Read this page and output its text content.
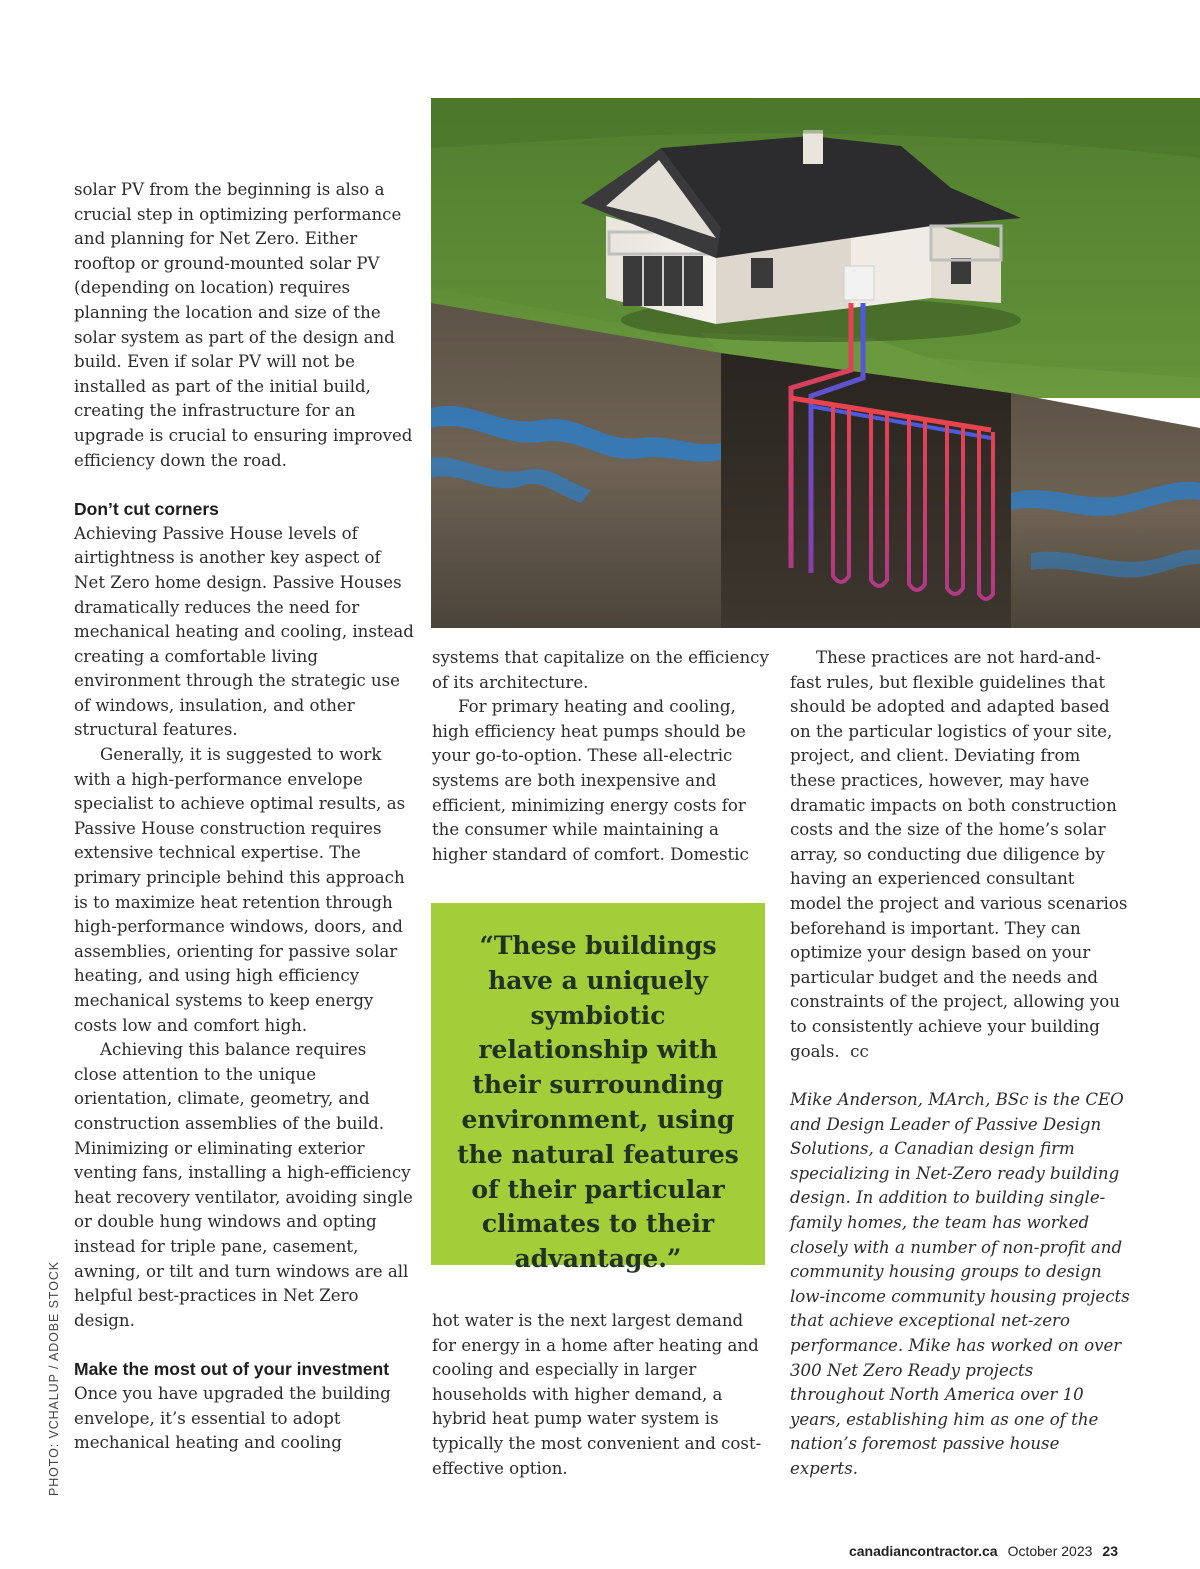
solar PV from the beginning is also a crucial step in optimizing performance and planning for Net Zero. Either rooftop or ground-mounted solar PV (depending on location) requires planning the location and size of the solar system as part of the design and build. Even if solar PV will not be installed as part of the initial build, creating the infrastructure for an upgrade is crucial to ensuring improved efficiency down the road.

Don’t cut corners

Achieving Passive House levels of airtightness is another key aspect of Net Zero home design. Passive Houses dramatically reduces the need for mechanical heating and cooling, instead creating a comfortable living environment through the strategic use of windows, insulation, and other structural features.

Generally, it is suggested to work with a high-performance envelope specialist to achieve optimal results, as Passive House construction requires extensive technical expertise. The primary principle behind this approach is to maximize heat retention through high-performance windows, doors, and assemblies, orienting for passive solar heating, and using high efficiency mechanical systems to keep energy costs low and comfort high.

Achieving this balance requires close attention to the unique orientation, climate, geometry, and construction assemblies of the build. Minimizing or eliminating exterior venting fans, installing a high-efficiency heat recovery ventilator, avoiding single or double hung windows and opting instead for triple pane, casement, awning, or tilt and turn windows are all helpful best-practices in Net Zero design.

Make the most out of your investment

Once you have upgraded the building envelope, it’s essential to adopt mechanical heating and cooling

systems that capitalize on the efficiency of its architecture.

For primary heating and cooling, high efficiency heat pumps should be your go-to-option. These all-electric systems are both inexpensive and efficient, minimizing energy costs for the consumer while maintaining a higher standard of comfort. Domestic

“These buildings have a uniquely symbiotic relationship with their surrounding environment, using the natural features of their particular climates to their advantage.”

hot water is the next largest demand for energy in a home after heating and cooling and especially in larger households with higher demand, a hybrid heat pump water system is typically the most convenient and cost-effective option.

These practices are not hard-and-fast rules, but flexible guidelines that should be adopted and adapted based on the particular logistics of your site, project, and client. Deviating from these practices, however, may have dramatic impacts on both construction costs and the size of the home’s solar array, so conducting due diligence by having an experienced consultant model the project and various scenarios beforehand is important. They can optimize your design based on your particular budget and the needs and constraints of the project, allowing you to consistently achieve your building goals. cc

Mike Anderson, MArch, BSc is the CEO and Design Leader of Passive Design Solutions, a Canadian design firm specializing in Net-Zero ready building design. In addition to building single-family homes, the team has worked closely with a number of non-profit and community housing groups to design low-income community housing projects that achieve exceptional net-zero performance. Mike has worked on over 300 Net Zero Ready projects throughout North America over 10 years, establishing him as one of the nation’s foremost passive house experts.

PHOTO: VCHALUP / ADOBE STOCK
canadiancontractor.ca October 2023 23
